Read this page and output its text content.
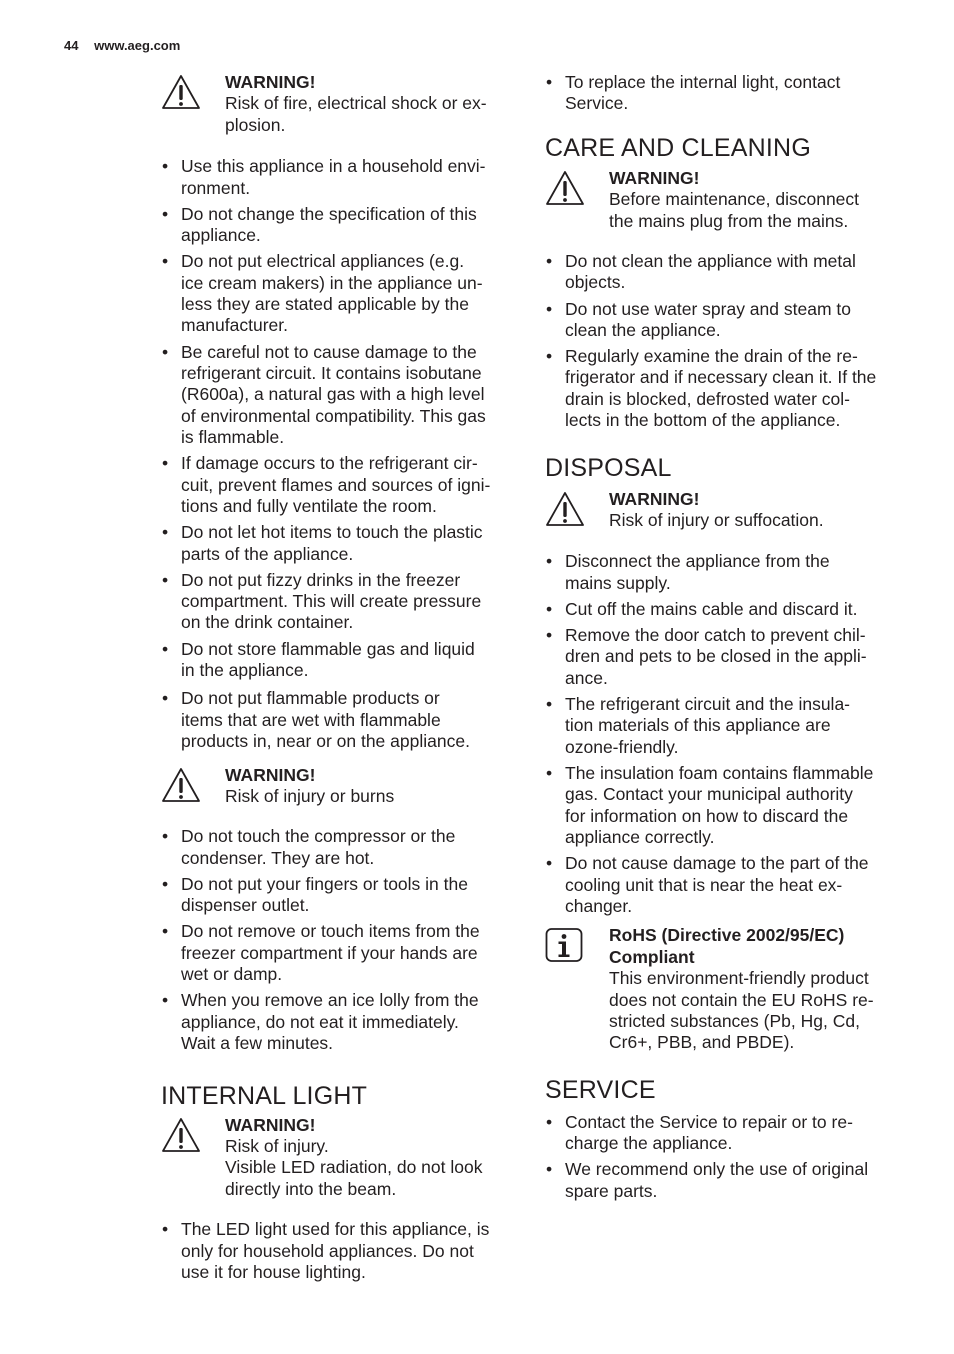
44 www.aeg.com
WARNING!
Risk of fire, electrical shock or ex-
plosion.
• Use this appliance in a household envi-
ronment.
• Do not change the specification of this
appliance.
• Do not put electrical appliances (e.g.
ice cream makers) in the appliance un-
less they are stated applicable by the
manufacturer.
• Be careful not to cause damage to the
refrigerant circuit. It contains isobutane
(R600a), a natural gas with a high level
of environmental compatibility. This gas
is flammable.
• If damage occurs to the refrigerant cir-
cuit, prevent flames and sources of igni-
tions and fully ventilate the room.
• Do not let hot items to touch the plastic
parts of the appliance.
• Do not put fizzy drinks in the freezer
compartment. This will create pressure
on the drink container.
• Do not store flammable gas and liquid
in the appliance.
• Do not put flammable products or
items that are wet with flammable
products in, near or on the appliance.
WARNING!
Risk of injury or burns
• Do not touch the compressor or the
condenser. They are hot.
• Do not put your fingers or tools in the
dispenser outlet.
• Do not remove or touch items from the
freezer compartment if your hands are
wet or damp.
• When you remove an ice lolly from the
appliance, do not eat it immediately.
Wait a few minutes.
INTERNAL LIGHT
WARNING!
Risk of injury.
Visible LED radiation, do not look
directly into the beam.
• The LED light used for this appliance, is
only for household appliances. Do not
use it for house lighting.
• To replace the internal light, contact
Service.
CARE AND CLEANING
WARNING!
Before maintenance, disconnect
the mains plug from the mains.
• Do not clean the appliance with metal
objects.
• Do not use water spray and steam to
clean the appliance.
• Regularly examine the drain of the re-
frigerator and if necessary clean it. If the
drain is blocked, defrosted water col-
lects in the bottom of the appliance.
DISPOSAL
WARNING!
Risk of injury or suffocation.
• Disconnect the appliance from the
mains supply.
• Cut off the mains cable and discard it.
• Remove the door catch to prevent chil-
dren and pets to be closed in the appli-
ance.
• The refrigerant circuit and the insula-
tion materials of this appliance are
ozone-friendly.
• The insulation foam contains flammable
gas. Contact your municipal authority
for information on how to discard the
appliance correctly.
• Do not cause damage to the part of the
cooling unit that is near the heat ex-
changer.
RoHS (Directive 2002/95/EC)
Compliant
This environment-friendly product
does not contain the EU RoHS re-
stricted substances (Pb, Hg, Cd,
Cr6+, PBB, and PBDE).
SERVICE
• Contact the Service to repair or to re-
charge the appliance.
• We recommend only the use of original
spare parts.
